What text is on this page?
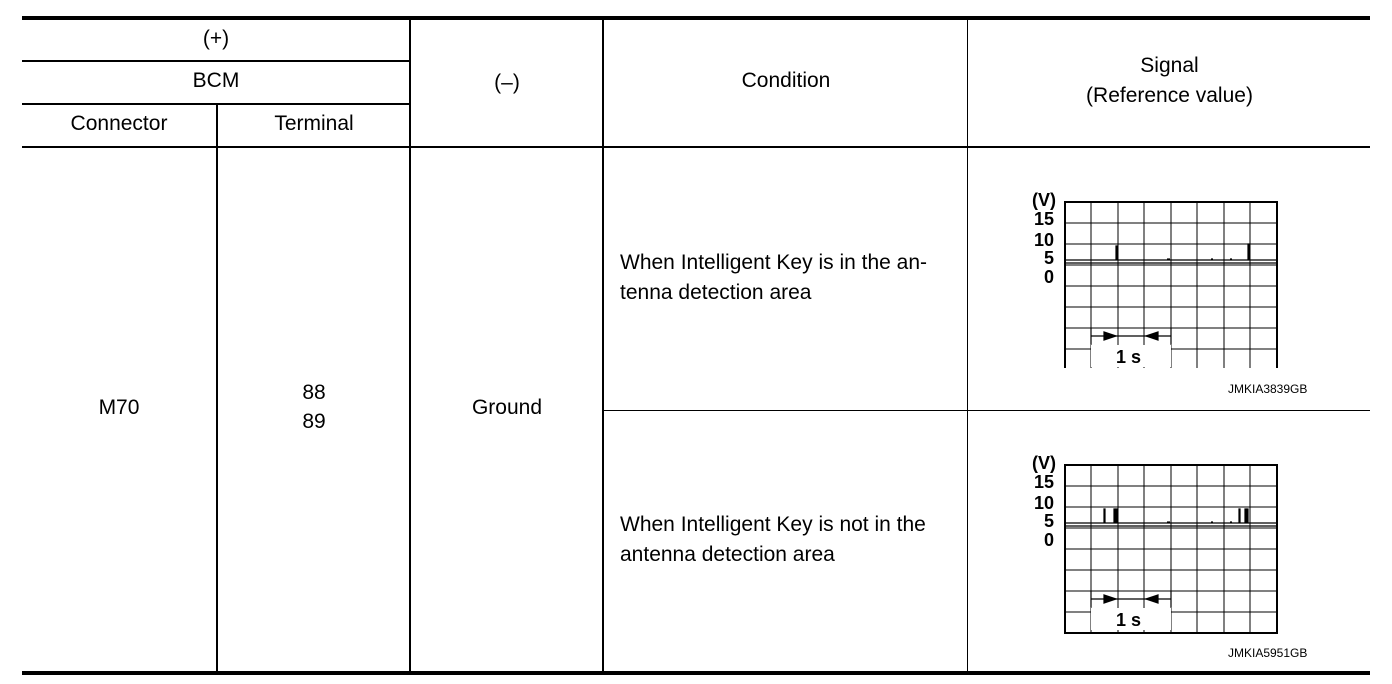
(+)
BCM
Connector	Terminal
(–)	Condition
Signal
(Reference value)
M70
88
89
Ground
When Intelligent Key is in the an-
tenna detection area
When Intelligent Key is not in the
antenna detection area
(V)
15
10
5
0
1 s
JMKIA3839GB
(V)
15
10
5
0
1 s
JMKIA5951GB
